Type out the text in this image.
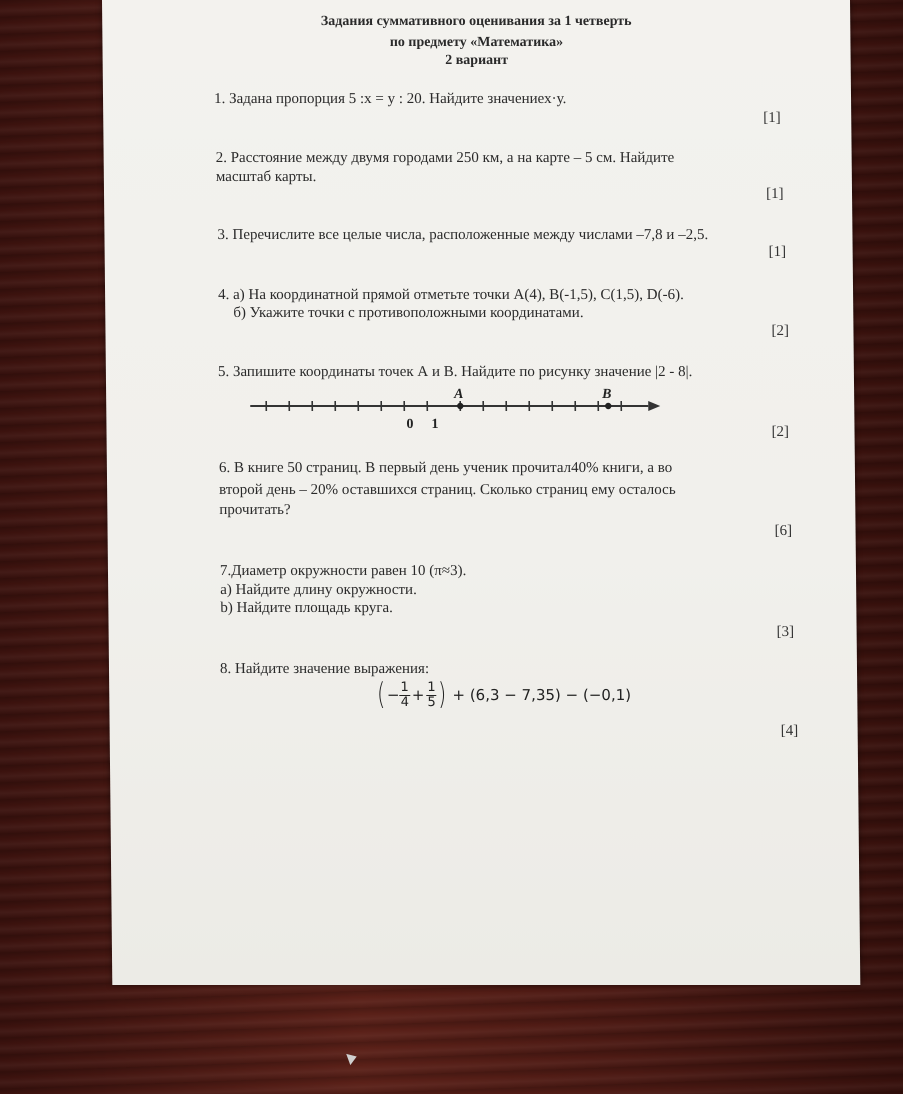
Задания суммативного оценивания за 1 четверть
по предмету «Математика»
2 вариант
1. Задана пропорция 5 :x = y : 20. Найдите значениех·у.
[1]
2. Расстояние между двумя городами 250 км, а на карте – 5 см. Найдите
масштаб карты.
[1]
3. Перечислите все целые числа, расположенные между числами –7,8 и –2,5.
[1]
4. а) На координатной прямой отметьте точки A(4), B(-1,5), C(1,5), D(-6).
б) Укажите точки с противоположными координатами.
[2]
5. Запишите координаты точек А и В. Найдите по рисунку значение |2 - 8|.
A	B
0 1	[2]
6. В книге 50 страниц. В первый день ученик прочитал40% книги, а во
второй день – 20% оставшихся страниц. Сколько страниц ему осталось
прочитать?
[6]
7.Диаметр окружности равен 10 (π≈3).
а) Найдите длину окружности.
b) Найдите площадь круга.
[3]
8. Найдите значение выражения:
( − $\frac{1}{4} + \frac{1}{5}$ ) + (6,3 − 7,35) − (−0,1)
[4]
